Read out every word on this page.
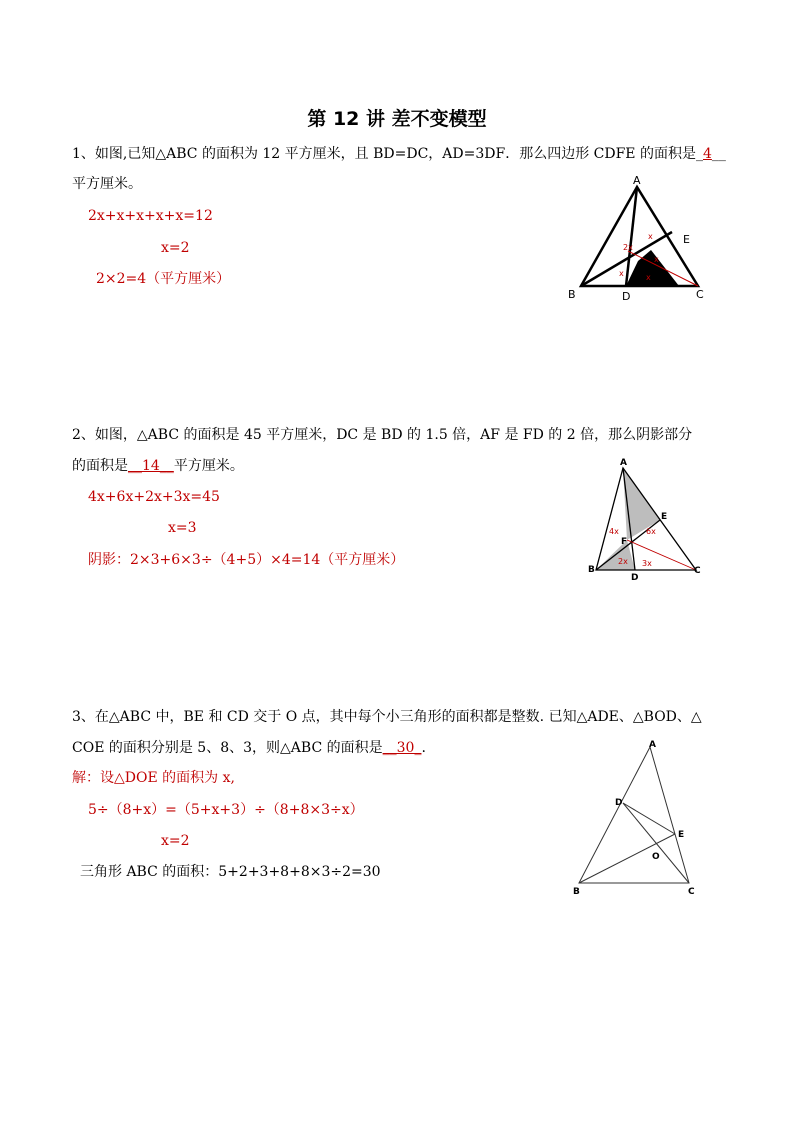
第 12 讲 差不变模型
1、如图,已知△ABC 的面积为 12 平方厘米，且 BD=DC，AD=3DF．那么四边形 CDFE 的面积是_4__
平方厘米。
2x+x+x+x+x=12
x=2
2×2=4（平方厘米）
A
B	C
D
E
2x
x
x
x
x
2、如图，△ABC 的面积是 45 平方厘米，DC 是 BD 的 1.5 倍，AF 是 FD 的 2 倍，那么阴影部分
的面积是__14__平方厘米。
4x+6x+2x+3x=45
x=3
阴影：2×3+6×3÷（4+5）×4=14（平方厘米）
A
B	C
D
E
F
4x	6x
2x 3x
3、在△ABC 中，BE 和 CD 交于 O 点，其中每个小三角形的面积都是整数. 已知△ADE、△BOD、△
COE 的面积分别是 5、8、3，则△ABC 的面积是__30_.
解：设△DOE 的面积为 x,
5÷（8+x）=（5+x+3）÷（8+8×3÷x）
x=2
三角形 ABC 的面积：5+2+3+8+8×3÷2=30
A
B	C
D
E
O
